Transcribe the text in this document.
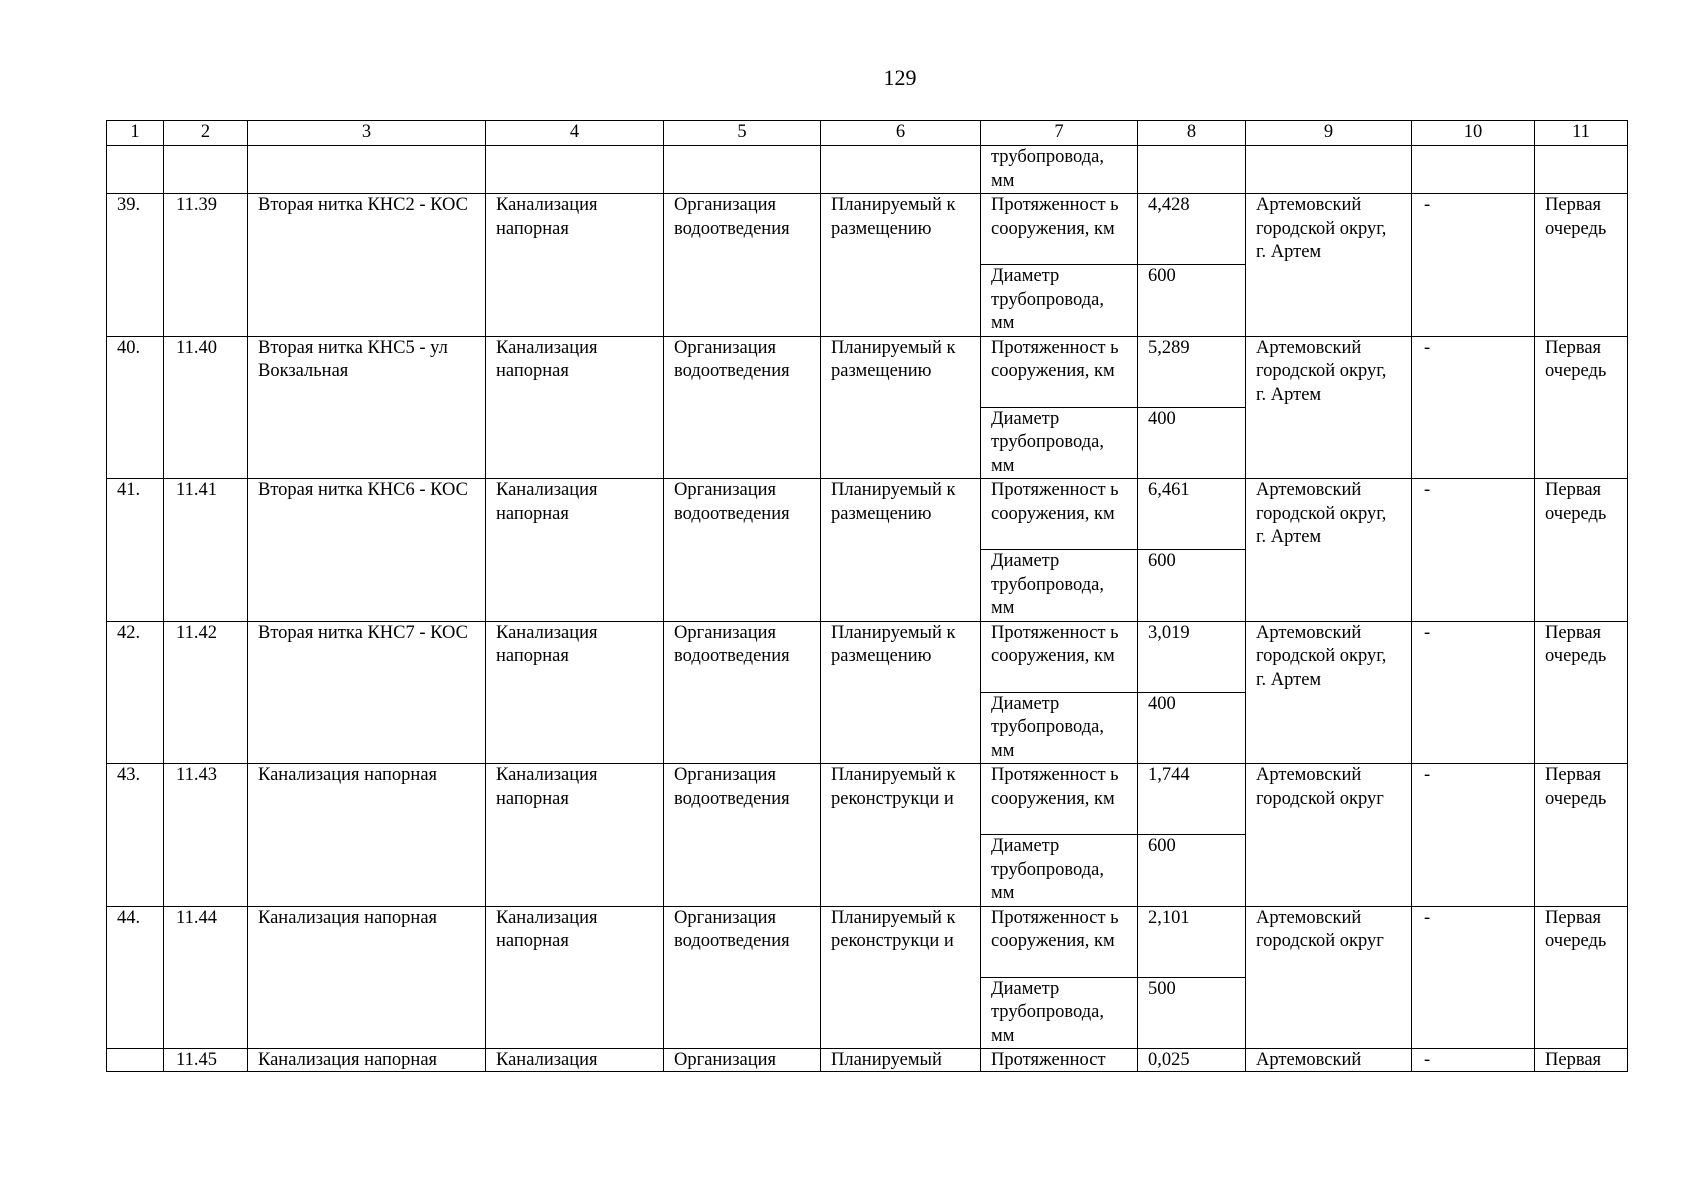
129
1	2	3	4	5	6	7	8	9	10	11
						трубопровода, мм				
39.	11.39	Вторая нитка КНС2 - КОС	Канализация напорная	Организация водоотведения	Планируемый к размещению	Протяженност ь сооружения, км	4,428	Артемовский городской округ, г. Артем	-	Первая очередь
						Диаметр трубопровода, мм	600			
40.	11.40	Вторая нитка КНС5 - ул Вокзальная	Канализация напорная	Организация водоотведения	Планируемый к размещению	Протяженност ь сооружения, км	5,289	Артемовский городской округ, г. Артем	-	Первая очередь
						Диаметр трубопровода, мм	400			
41.	11.41	Вторая нитка КНС6 - КОС	Канализация напорная	Организация водоотведения	Планируемый к размещению	Протяженност ь сооружения, км	6,461	Артемовский городской округ, г. Артем	-	Первая очередь
						Диаметр трубопровода, мм	600			
42.	11.42	Вторая нитка КНС7 - КОС	Канализация напорная	Организация водоотведения	Планируемый к размещению	Протяженност ь сооружения, км	3,019	Артемовский городской округ, г. Артем	-	Первая очередь
						Диаметр трубопровода, мм	400			
43.	11.43	Канализация напорная	Канализация напорная	Организация водоотведения	Планируемый к реконструкци и	Протяженност ь сооружения, км	1,744	Артемовский городской округ	-	Первая очередь
						Диаметр трубопровода, мм	600			
44.	11.44	Канализация напорная	Канализация напорная	Организация водоотведения	Планируемый к реконструкци и	Протяженност ь сооружения, км	2,101	Артемовский городской округ	-	Первая очередь
						Диаметр трубопровода, мм	500			
	11.45	Канализация напорная	Канализация	Организация	Планируемый	Протяженност	0,025	Артемовский	-	Первая
